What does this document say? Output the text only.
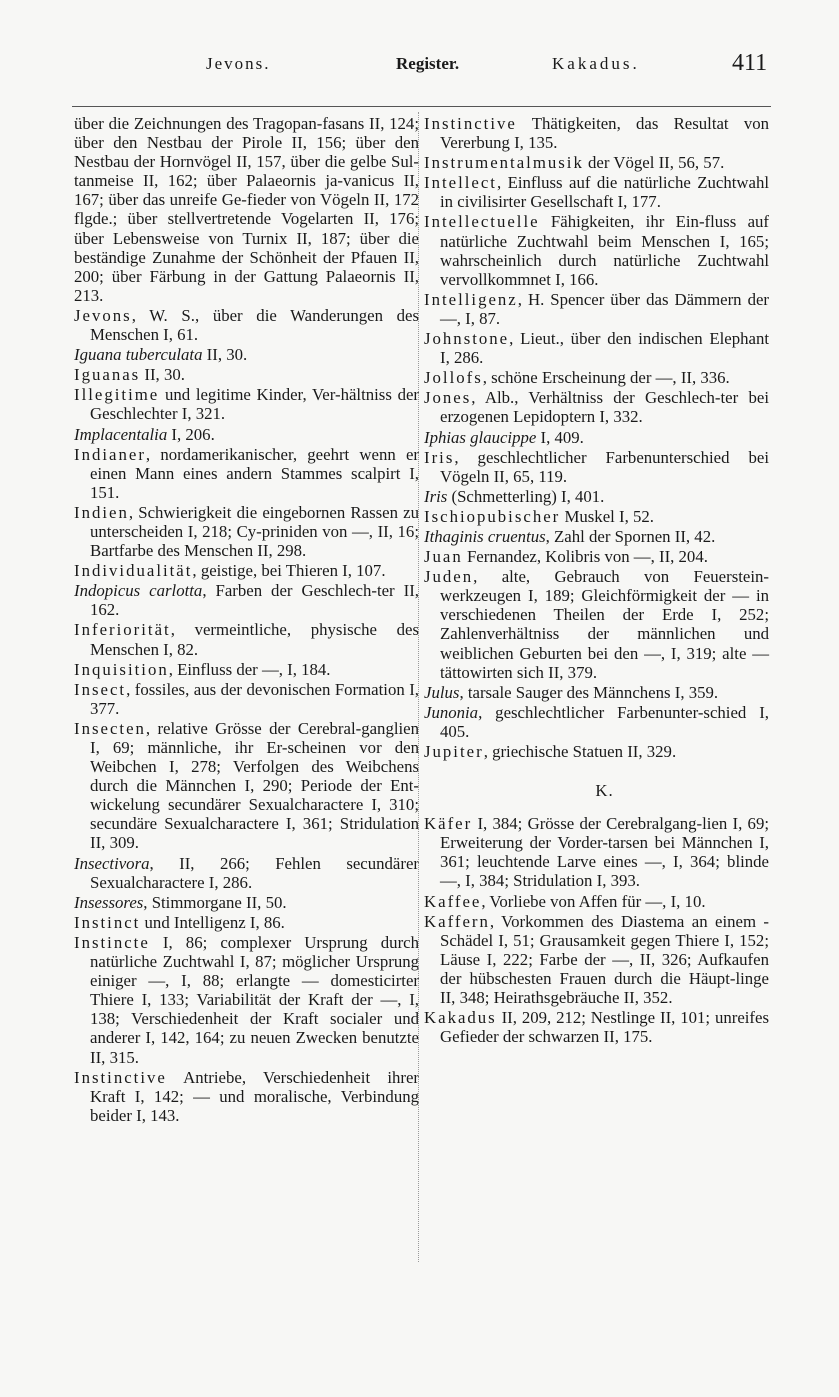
Jevons.	Register.	Kakadus.	411

über die Zeichnungen des Tragopan-fasans II, 124; über den Nestbau der Pirole II, 156; über den Nestbau der Hornvögel II, 157, über die gelbe Sul-tanmeise II, 162; über Palaeornis ja-vanicus II, 167; über das unreife Ge-fieder von Vögeln II, 172 flgde.; über stellvertretende Vogelarten II, 176; über Lebensweise von Turnix II, 187; über die beständige Zunahme der Schönheit der Pfauen II, 200; über Färbung in der Gattung Palaeornis II, 213.

Jevons, W. S., über die Wanderungen des Menschen I, 61.

Iguana tuberculata II, 30.

Iguanas II, 30.

Illegitime und legitime Kinder, Ver-hältniss der Geschlechter I, 321.

Implacentalia I, 206.

Indianer, nordamerikanischer, geehrt wenn er einen Mann eines andern Stammes scalpirt I, 151.

Indien, Schwierigkeit die eingebornen Rassen zu unterscheiden I, 218; Cy-priniden von —, II, 16; Bartfarbe des Menschen II, 298.

Individualität, geistige, bei Thieren I, 107.

Indopicus carlotta, Farben der Geschlech-ter II, 162.

Inferiorität, vermeintliche, physische des Menschen I, 82.

Inquisition, Einfluss der —, I, 184.

Insect, fossiles, aus der devonischen Formation I, 377.

Insecten, relative Grösse der Cerebral-ganglien I, 69; männliche, ihr Er-scheinen vor den Weibchen I, 278; Verfolgen des Weibchens durch die Männchen I, 290; Periode der Ent-wickelung secundärer Sexualcharactere I, 310; secundäre Sexualcharactere I, 361; Stridulation II, 309.

Insectivora, II, 266; Fehlen secundärer Sexualcharactere I, 286.

Insessores, Stimmorgane II, 50.

Instinct und Intelligenz I, 86.

Instincte I, 86; complexer Ursprung durch natürliche Zuchtwahl I, 87; möglicher Ursprung einiger —, I, 88; erlangte — domesticirter Thiere I, 133; Variabilität der Kraft der —, I, 138; Verschiedenheit der Kraft socialer und anderer I, 142, 164; zu neuen Zwecken benutzte II, 315.

Instinctive Antriebe, Verschiedenheit ihrer Kraft I, 142; — und moralische, Verbindung beider I, 143.

Instinctive Thätigkeiten, das Resultat von Vererbung I, 135.

Instrumentalmusik der Vögel II, 56, 57.

Intellect, Einfluss auf die natürliche Zuchtwahl in civilisirter Gesellschaft I, 177.

Intellectuelle Fähigkeiten, ihr Ein-fluss auf natürliche Zuchtwahl beim Menschen I, 165; wahrscheinlich durch natürliche Zuchtwahl vervollkommnet I, 166.

Intelligenz, H. Spencer über das Dämmern der —, I, 87.

Johnstone, Lieut., über den indischen Elephant I, 286.

Jollofs, schöne Erscheinung der —, II, 336.

Jones, Alb., Verhältniss der Geschlech-ter bei erzogenen Lepidoptern I, 332.

Iphias glaucippe I, 409.

Iris, geschlechtlicher Farbenunterschied bei Vögeln II, 65, 119.

Iris (Schmetterling) I, 401.

Ischiopubischer Muskel I, 52.

Ithaginis cruentus, Zahl der Spornen II, 42.

Juan Fernandez, Kolibris von —, II, 204.

Juden, alte, Gebrauch von Feuerstein-werkzeugen I, 189; Gleichförmigkeit der — in verschiedenen Theilen der Erde I, 252; Zahlenverhältniss der männlichen und weiblichen Geburten bei den —, I, 319; alte — tättowirten sich II, 379.

Julus, tarsale Sauger des Männchens I, 359.

Junonia, geschlechtlicher Farbenunter-schied I, 405.

Jupiter, griechische Statuen II, 329.

K.

Käfer I, 384; Grösse der Cerebralgang-lien I, 69; Erweiterung der Vorder-tarsen bei Männchen I, 361; leuchtende Larve eines —, I, 364; blinde —, I, 384; Stridulation I, 393.

Kaffee, Vorliebe von Affen für —, I, 10.

Kaffern, Vorkommen des Diastema an einem -Schädel I, 51; Grausamkeit gegen Thiere I, 152; Läuse I, 222; Farbe der —, II, 326; Aufkaufen der hübschesten Frauen durch die Häupt-linge II, 348; Heirathsgebräuche II, 352.

Kakadus II, 209, 212; Nestlinge II, 101; unreifes Gefieder der schwarzen II, 175.
